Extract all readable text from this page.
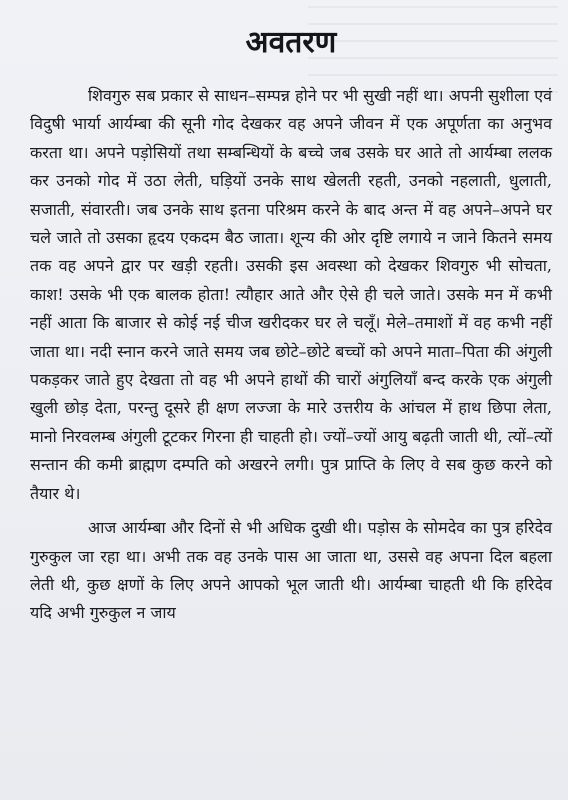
अवतरण

शिवगुरु सब प्रकार से साधन–सम्पन्न होने पर भी सुखी नहीं था। अपनी सुशीला एवं विदुषी भार्या आर्यम्बा की सूनी गोद देखकर वह अपने जीवन में एक अपूर्णता का अनुभव करता था। अपने पड़ोसियों तथा सम्बन्धियों के बच्चे जब उसके घर आते तो आर्यम्बा ललक कर उनको गोद में उठा लेती, घड़ियों उनके साथ खेलती रहती, उनको नहलाती, धुलाती, सजाती, संवारती। जब उनके साथ इतना परिश्रम करने के बाद अन्त में वह अपने–अपने घर चले जाते तो उसका हृदय एकदम बैठ जाता। शून्य की ओर दृष्टि लगाये न जाने कितने समय तक वह अपने द्वार पर खड़ी रहती। उसकी इस अवस्था को देखकर शिवगुरु भी सोचता, काश! उसके भी एक बालक होता! त्यौहार आते और ऐसे ही चले जाते। उसके मन में कभी नहीं आता कि बाजार से कोई नई चीज खरीदकर घर ले चलूँ। मेले–तमाशों में वह कभी नहीं जाता था। नदी स्नान करने जाते समय जब छोटे–छोटे बच्चों को अपने माता–पिता की अंगुली पकड़कर जाते हुए देखता तो वह भी अपने हाथों की चारों अंगुलियाँ बन्द करके एक अंगुली खुली छोड़ देता, परन्तु दूसरे ही क्षण लज्जा के मारे उत्तरीय के आंचल में हाथ छिपा लेता, मानो निरवलम्ब अंगुली टूटकर गिरना ही चाहती हो। ज्यों–ज्यों आयु बढ़ती जाती थी, त्यों–त्यों सन्तान की कमी ब्राह्मण दम्पति को अखरने लगी। पुत्र प्राप्ति के लिए वे सब कुछ करने को तैयार थे।

आज आर्यम्बा और दिनों से भी अधिक दुखी थी। पड़ोस के सोमदेव का पुत्र हरिदेव गुरुकुल जा रहा था। अभी तक वह उनके पास आ जाता था, उससे वह अपना दिल बहला लेती थी, कुछ क्षणों के लिए अपने आपको भूल जाती थी। आर्यम्बा चाहती थी कि हरिदेव यदि अभी गुरुकुल न जाय
